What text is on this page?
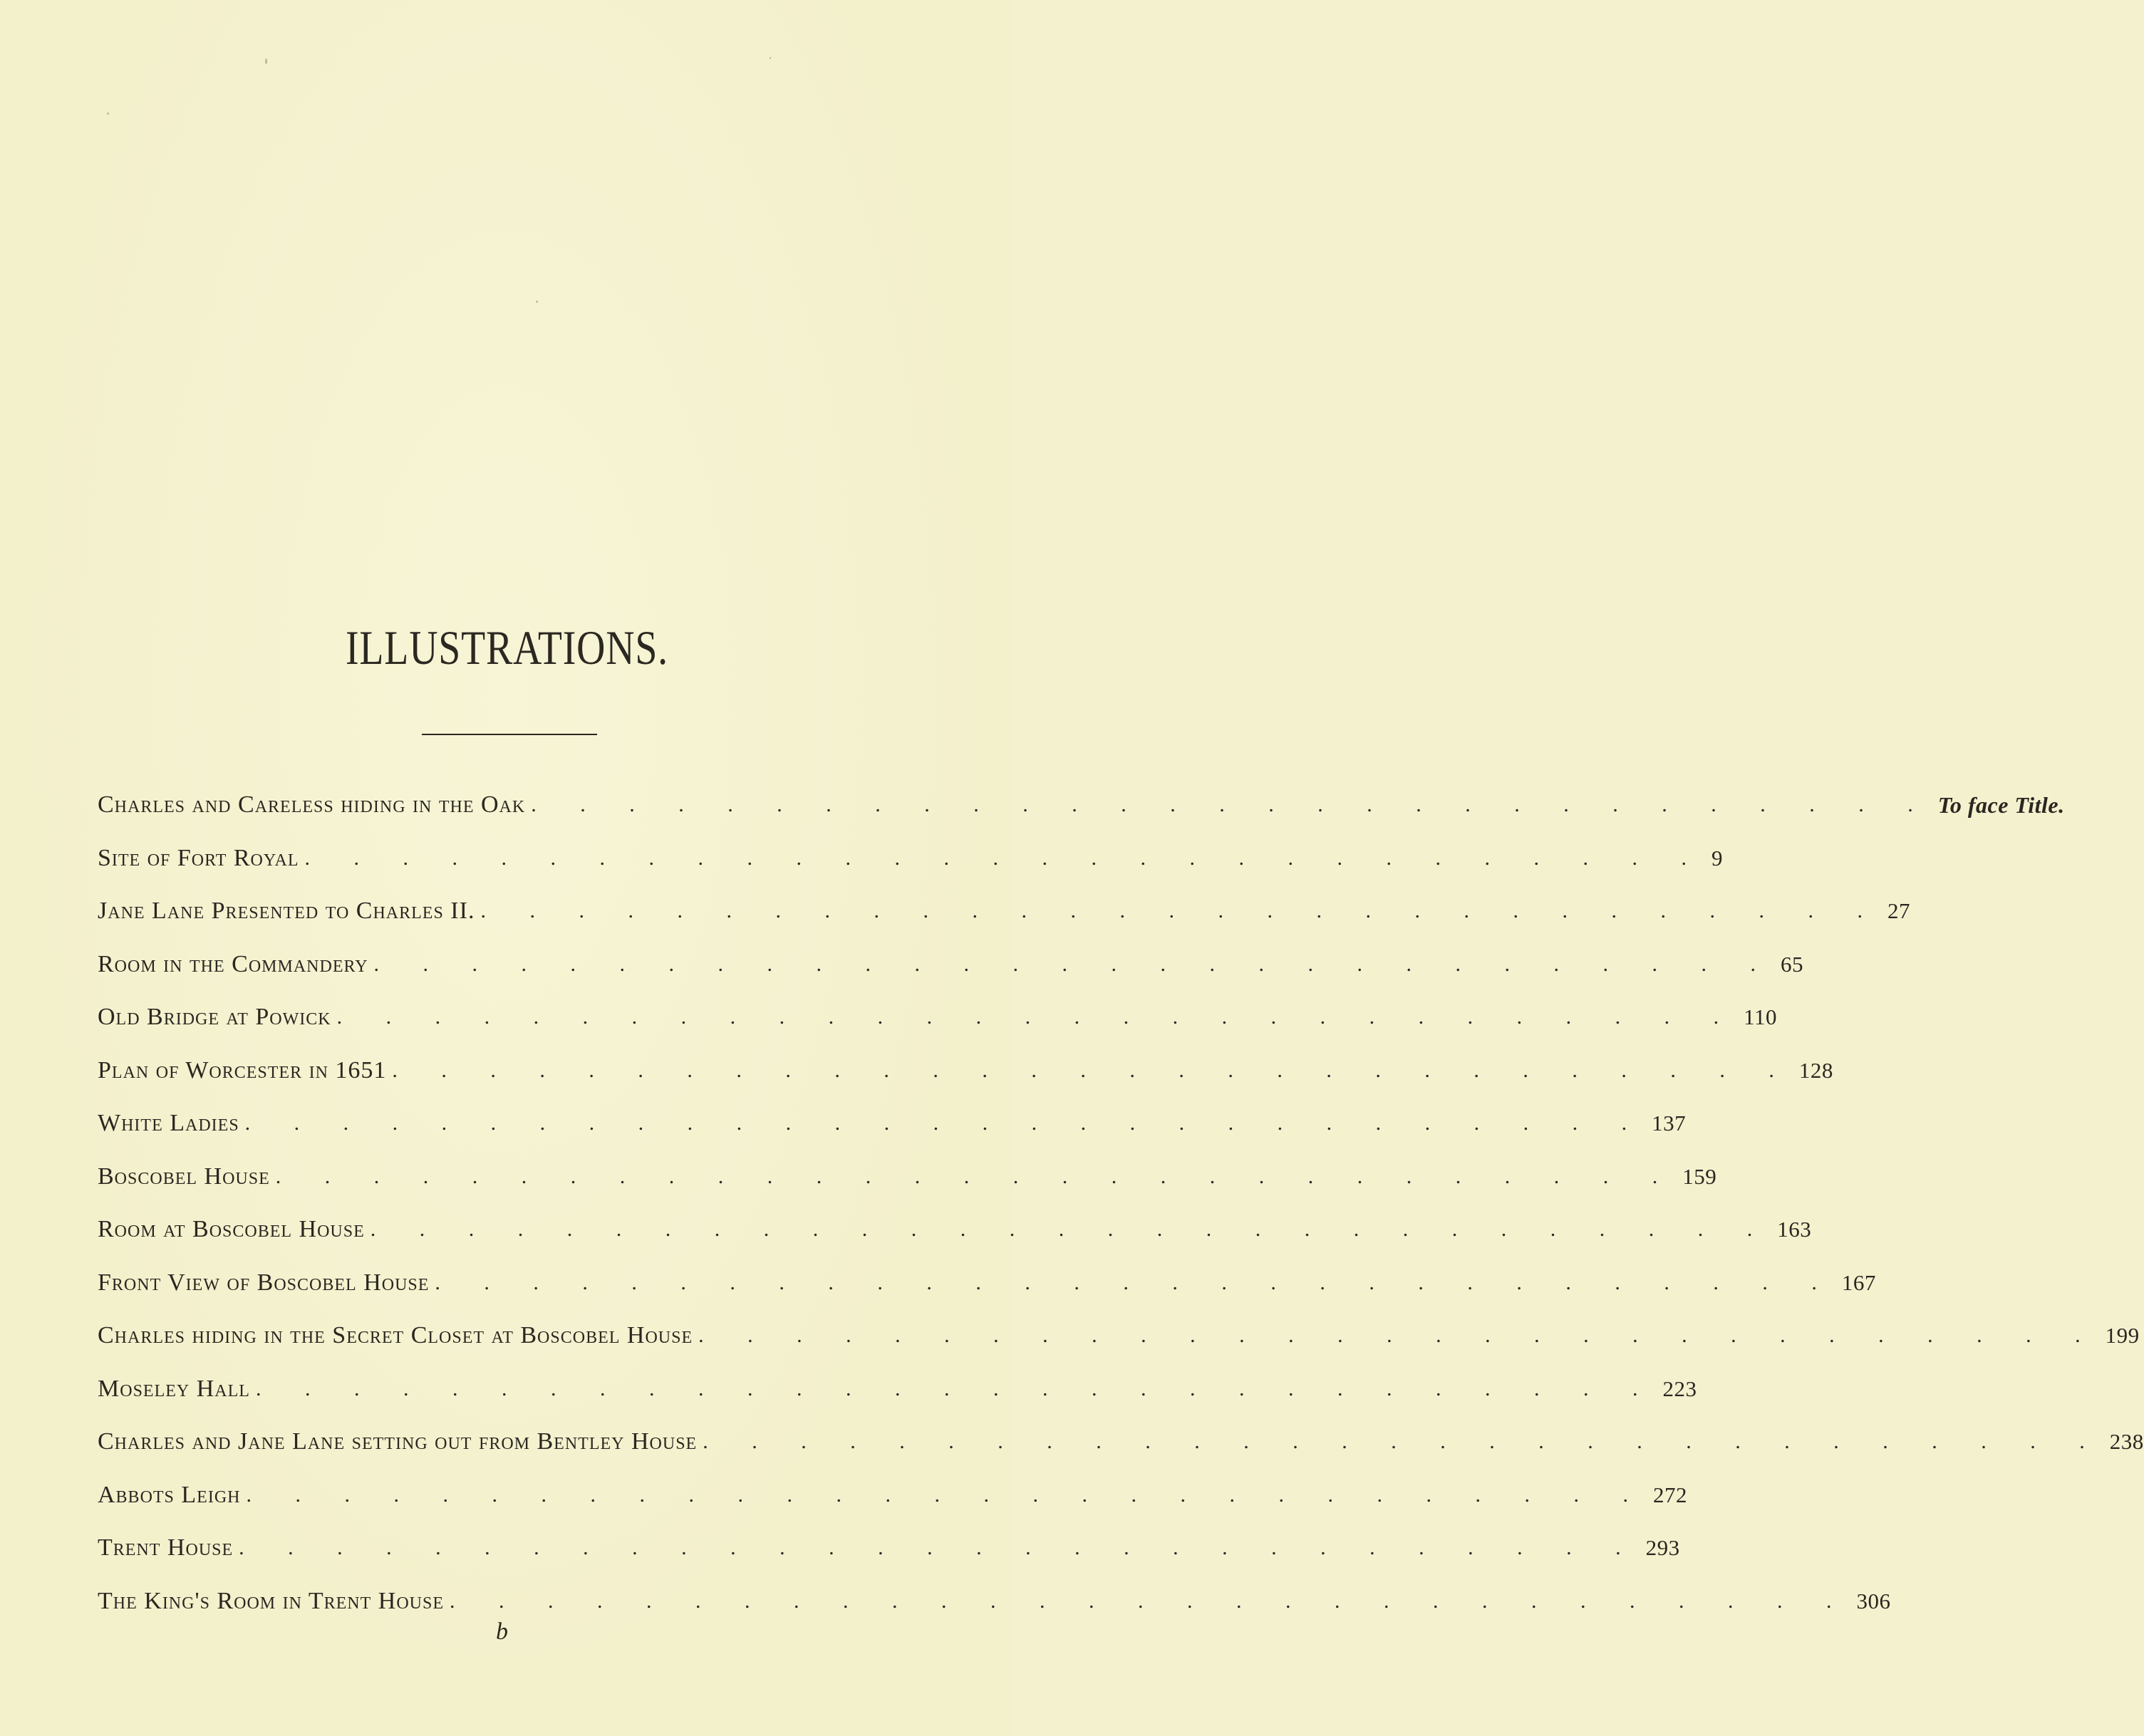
ILLUSTRATIONS.
Charles and Careless hiding in the Oak . . . . . . . . . . . . . . . . . . . . . . . . . . . . . To face Title.
Site of Fort Royal . . . . . . . . . . . . . . . . . . . . . . . . . . . . . 9
Jane Lane Presented to Charles II. . . . . . . . . . . . . . . . . . . . . . . . . . . . . . 27
Room in the Commandery . . . . . . . . . . . . . . . . . . . . . . . . . . . . . 65
Old Bridge at Powick . . . . . . . . . . . . . . . . . . . . . . . . . . . . . 110
Plan of Worcester in 1651 . . . . . . . . . . . . . . . . . . . . . . . . . . . . . 128
White Ladies . . . . . . . . . . . . . . . . . . . . . . . . . . . . . 137
Boscobel House . . . . . . . . . . . . . . . . . . . . . . . . . . . . . 159
Room at Boscobel House . . . . . . . . . . . . . . . . . . . . . . . . . . . . . 163
Front View of Boscobel House . . . . . . . . . . . . . . . . . . . . . . . . . . . . . 167
Charles hiding in the Secret Closet at Boscobel House . . . . . . . . . . . . . . . . . . . . . . . . . . . . . 199
Moseley Hall . . . . . . . . . . . . . . . . . . . . . . . . . . . . . 223
Charles and Jane Lane setting out from Bentley House . . . . . . . . . . . . . . . . . . . . . . . . . . . . . 238
Abbots Leigh . . . . . . . . . . . . . . . . . . . . . . . . . . . . . 272
Trent House . . . . . . . . . . . . . . . . . . . . . . . . . . . . . 293
The King's Room in Trent House . . . . . . . . . . . . . . . . . . . . . . . . . . . . . 306
b
